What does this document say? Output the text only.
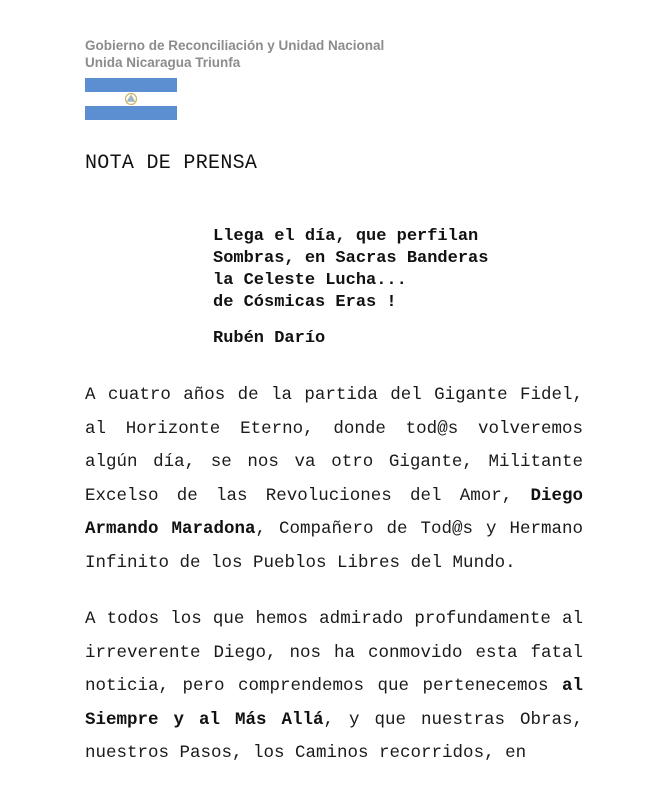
Gobierno de Reconciliación y Unidad Nacional
Unida Nicaragua Triunfa
NOTA DE PRENSA
Llega el día, que perfilan
Sombras, en Sacras Banderas
la Celeste Lucha...
de Cósmicas Eras !
Rubén Darío

A cuatro años de la partida del Gigante Fidel, al Horizonte Eterno, donde tod@s volveremos algún día, se nos va otro Gigante, Militante Excelso de las Revoluciones del Amor, Diego Armando Maradona, Compañero de Tod@s y Hermano Infinito de los Pueblos Libres del Mundo.

A todos los que hemos admirado profundamente al irreverente Diego, nos ha conmovido esta fatal noticia, pero comprendemos que pertenecemos al Siempre y al Más Allá, y que nuestras Obras, nuestros Pasos, los Caminos recorridos, en
